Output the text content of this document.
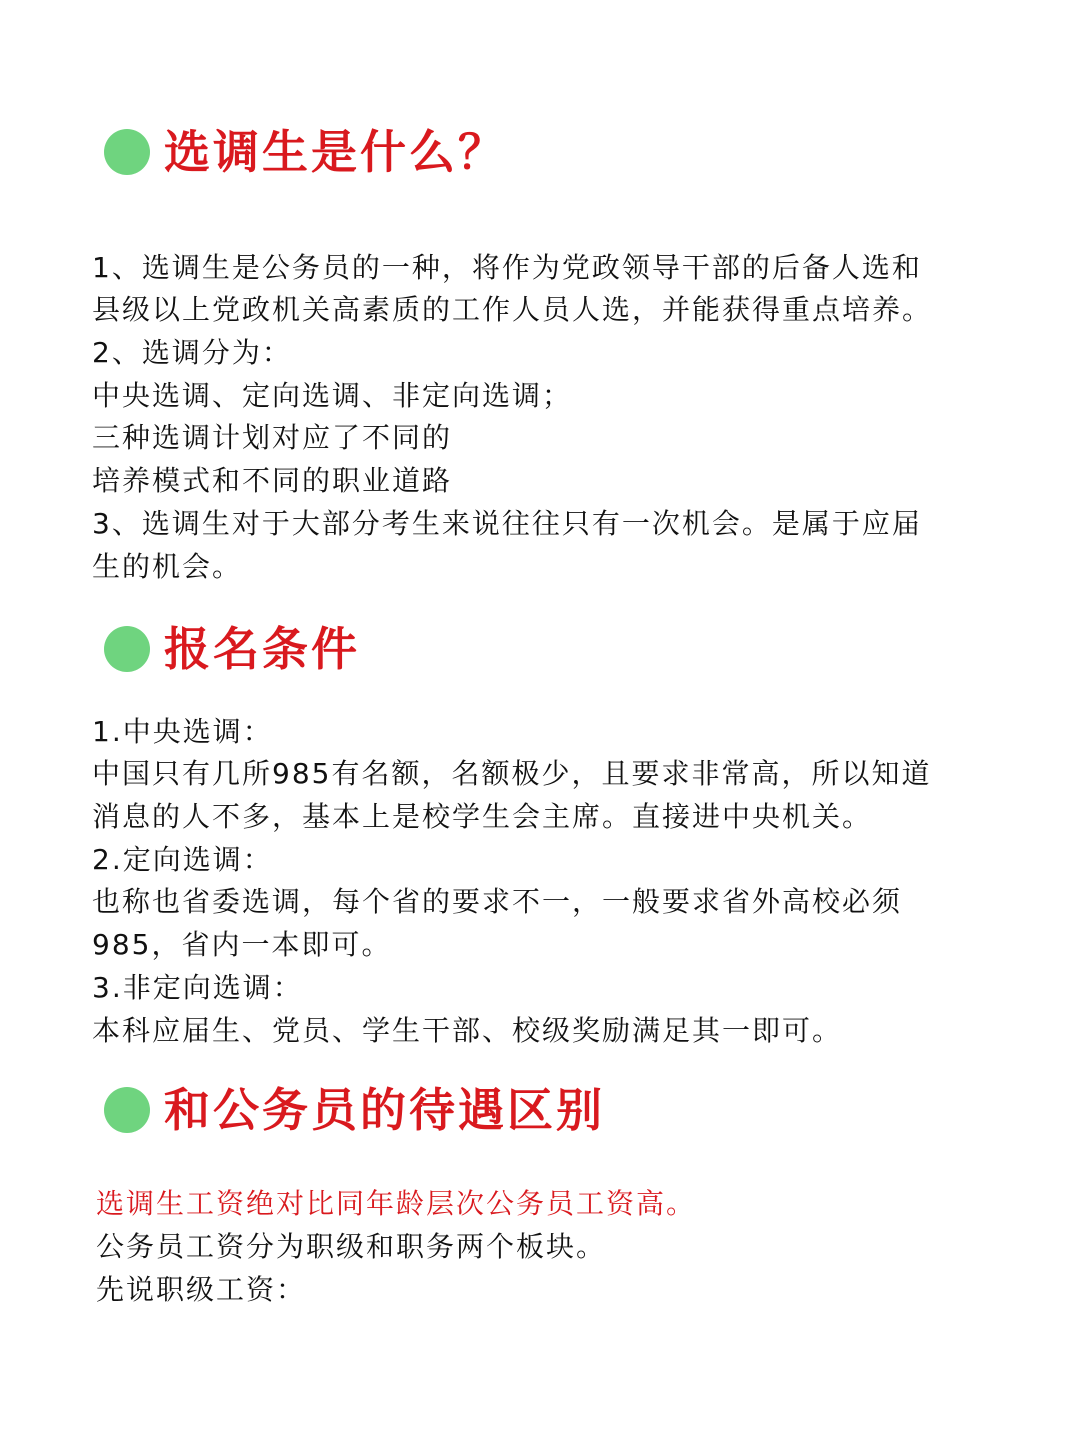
选调生是什么？
1、选调生是公务员的一种，将作为党政领导干部的后备人选和
县级以上党政机关高素质的工作人员人选，并能获得重点培养。
2、选调分为：
中央选调、定向选调、非定向选调；
三种选调计划对应了不同的
培养模式和不同的职业道路
3、选调生对于大部分考生来说往往只有一次机会。是属于应届
生的机会。
报名条件
1.中央选调：
中国只有几所985有名额，名额极少，且要求非常高，所以知道
消息的人不多，基本上是校学生会主席。直接进中央机关。
2.定向选调：
也称也省委选调，每个省的要求不一，一般要求省外高校必须
985，省内一本即可。
3.非定向选调：
本科应届生、党员、学生干部、校级奖励满足其一即可。
和公务员的待遇区别
选调生工资绝对比同年龄层次公务员工资高。
公务员工资分为职级和职务两个板块。
先说职级工资：
